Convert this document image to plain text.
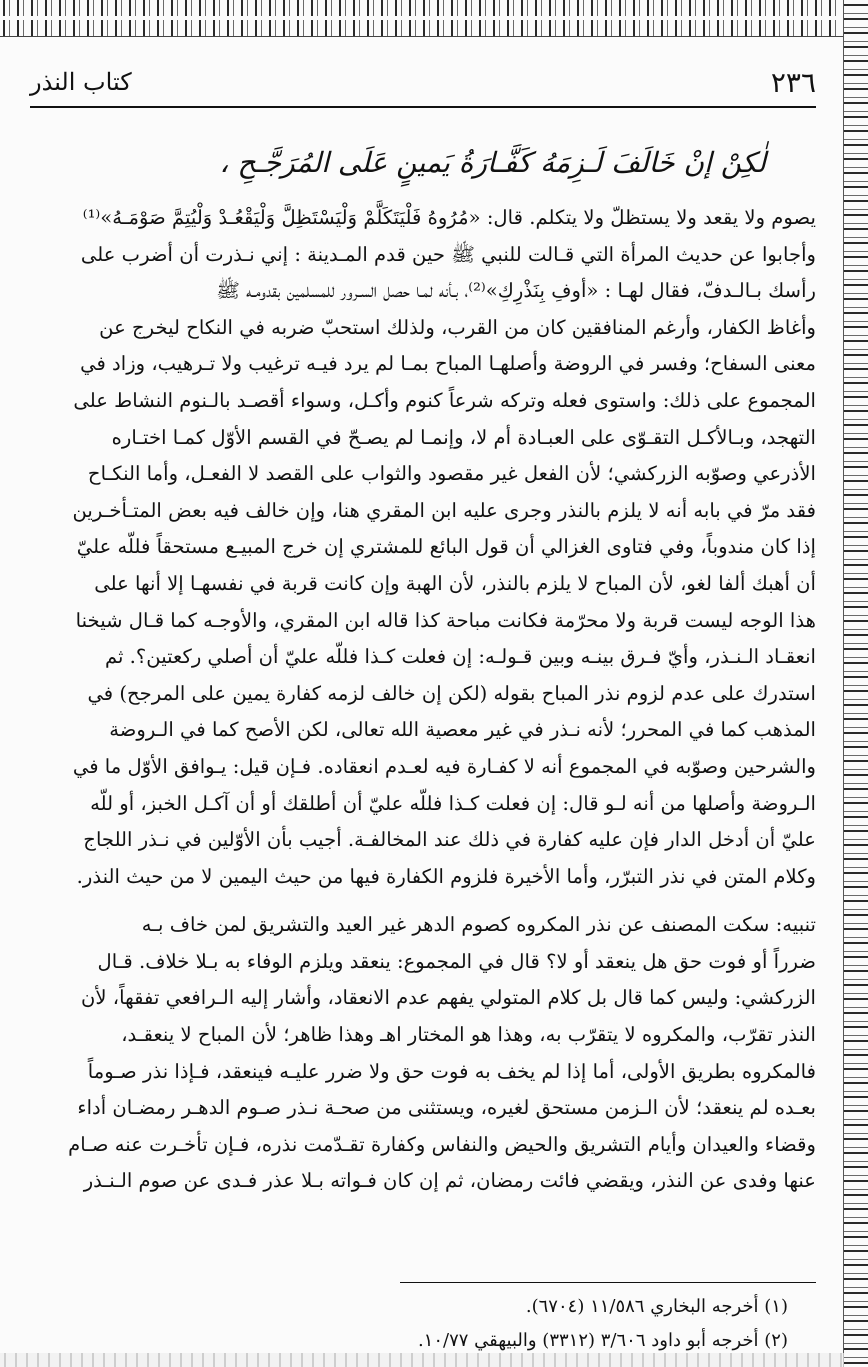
٢٣٦
كتاب النذر
لٰكِنْ إنْ خَالَفَ لَـزِمَهُ كَفَّـارَةُ يَمينٍ عَلَى المُرَجَّـحِ ،

يصوم ولا يقعد ولا يستظلّ ولا يتكلم. قال: «مُرُوهُ فَلْيَتَكَلَّمْ وَلْيَسْتَظِلَّ وَلْيَقْعُـدْ وَلْيُتِمَّ صَوْمَـهُ»⁽¹⁾
وأجابوا عن حديث المرأة التي قـالت للنبي ﷺ حين قدم المـدينة : إني نـذرت أن أضرب على
رأسك بـالـدفّ، فقال لهـا : «أوفِ بِنَذْرِكِ»⁽²⁾، بـأنه لمـا حصل السـرور للمسلمين بقدومـه ﷺ
وأغاظ الكفار، وأرغم المنافقين كان من القرب، ولذلك استحبّ ضربه في النكاح ليخرج عن
معنى السفاح؛ وفسر في الروضة وأصلهـا المباح بمـا لم يرد فيـه ترغيب ولا تـرهيب، وزاد في
المجموع على ذلك: واستوى فعله وتركه شرعاً كنوم وأكـل، وسواء أقصـد بالـنوم النشاط على
التهجد، وبـالأكـل التقـوّى على العبـادة أم لا، وإنمـا لم يصـحّ في القسم الأوّل كمـا اختـاره
الأذرعي وصوّبه الزركشي؛ لأن الفعل غير مقصود والثواب على القصد لا الفعـل، وأما النكـاح
فقد مرّ في بابه أنه لا يلزم بالنذر وجرى عليه ابن المقري هنا، وإن خالف فيه بعض المتـأخـرين
إذا كان مندوباً، وفي فتاوى الغزالي أن قول البائع للمشتري إن خرج المبيـع مستحقاً فللّه عليّ
أن أهبك ألفا لغو، لأن المباح لا يلزم بالنذر، لأن الهبة وإن كانت قربة في نفسهـا إلا أنها على
هذا الوجه ليست قربة ولا محرّمة فكانت مباحة كذا قاله ابن المقري، والأوجـه كما قـال شيخنا
انعقـاد الـنـذر، وأيّ فـرق بينـه وبين قـولـه: إن فعلت كـذا فللّه عليّ أن أصلي ركعتين؟. ثم
استدرك على عدم لزوم نذر المباح بقوله (لكن إن خالف لزمه كفارة يمين على المرجح) في
المذهب كما في المحرر؛ لأنه نـذر في غير معصية الله تعالى، لكن الأصح كما في الـروضة
والشرحين وصوّبه في المجموع أنه لا كفـارة فيه لعـدم انعقاده. فـإن قيل: يـوافق الأوّل ما في
الـروضة وأصلها من أنه لـو قال: إن فعلت كـذا فللّه عليّ أن أطلقك أو أن آكـل الخبز، أو للّه
عليّ أن أدخل الدار فإن عليه كفارة في ذلك عند المخالفـة. أجيب بأن الأوّلين في نـذر اللجاج
وكلام المتن في نذر التبرّر، وأما الأخيرة فلزوم الكفارة فيها من حيث اليمين لا من حيث النذر.

تنبيه: سكت المصنف عن نذر المكروه كصوم الدهر غير العيد والتشريق لمن خاف بـه
ضرراً أو فوت حق هل ينعقد أو لا؟ قال في المجموع: ينعقد ويلزم الوفاء به بـلا خلاف. قـال
الزركشي: وليس كما قال بل كلام المتولي يفهم عدم الانعقاد، وأشار إليه الـرافعي تفقهاً، لأن
النذر تقرّب، والمكروه لا يتقرّب به، وهذا هو المختار اهـ وهذا ظاهر؛ لأن المباح لا ينعقـد،
فالمكروه بطريق الأولى، أما إذا لم يخف به فوت حق ولا ضرر عليـه فينعقد، فـإذا نذر صـوماً
بعـده لم ينعقد؛ لأن الـزمن مستحق لغيره، ويستثنى من صحـة نـذر صـوم الدهـر رمضـان أداء
وقضاء والعيدان وأيام التشريق والحيض والنفاس وكفارة تقـدّمت نذره، فـإن تأخـرت عنه صـام
عنها وفدى عن النذر، ويقضي فائت رمضان، ثم إن كان فـواته بـلا عذر فـدى عن صوم الـنـذر

(١) أخرجه البخاري ١١/٥٨٦ (٦٧٠٤).
(٢) أخرجه أبو داود ٣/٦٠٦ (٣٣١٢) والبيهقي ١٠/٧٧.
